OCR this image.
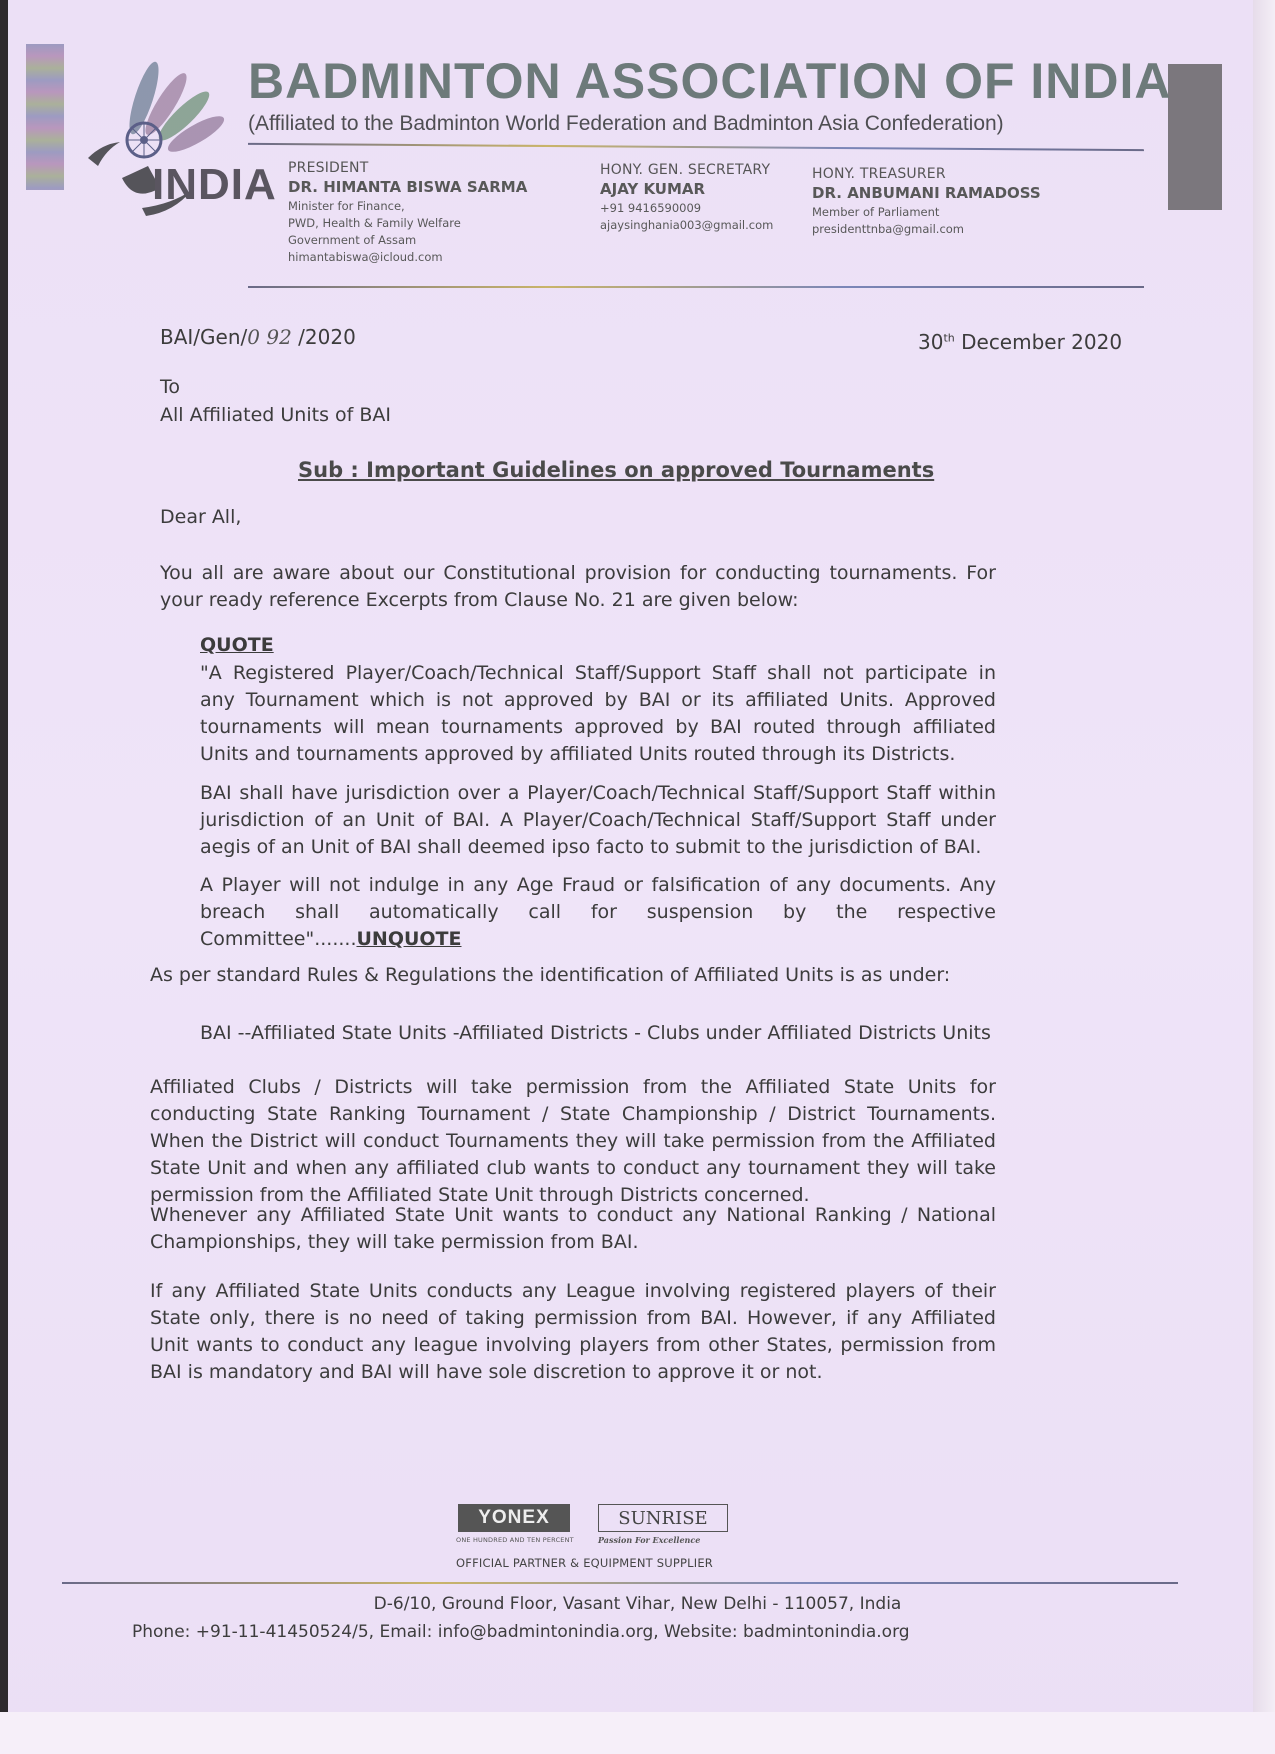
INDIA
BADMINTON ASSOCIATION OF INDIA
(Affiliated to the Badminton World Federation and Badminton Asia Confederation)
PRESIDENT
DR. HIMANTA BISWA SARMA
Minister for Finance,
PWD, Health & Family Welfare
Government of Assam
himantabiswa@icloud.com
HONY. GEN. SECRETARY
AJAY KUMAR
+91 9416590009
ajaysinghania003@gmail.com
HONY. TREASURER
DR. ANBUMANI RAMADOSS
Member of Parliament
presidenttnba@gmail.com
BAI/Gen/0 92 /2020	30th December 2020
To
All Affiliated Units of BAI
Sub : Important Guidelines on approved Tournaments
Dear All,
You all are aware about our Constitutional provision for conducting tournaments. For your ready reference Excerpts from Clause No. 21 are given below:
QUOTE
"A Registered Player/Coach/Technical Staff/Support Staff shall not participate in any Tournament which is not approved by BAI or its affiliated Units. Approved tournaments will mean tournaments approved by BAI routed through affiliated Units and tournaments approved by affiliated Units routed through its Districts.
BAI shall have jurisdiction over a Player/Coach/Technical Staff/Support Staff within jurisdiction of an Unit of BAI. A Player/Coach/Technical Staff/Support Staff under aegis of an Unit of BAI shall deemed ipso facto to submit to the jurisdiction of BAI.
A Player will not indulge in any Age Fraud or falsification of any documents. Any breach shall automatically call for suspension by the respective Committee".......UNQUOTE
As per standard Rules & Regulations the identification of Affiliated Units is as under:
BAI --Affiliated State Units -Affiliated Districts - Clubs under Affiliated Districts Units
Affiliated Clubs / Districts will take permission from the Affiliated State Units for conducting State Ranking Tournament / State Championship / District Tournaments. When the District will conduct Tournaments they will take permission from the Affiliated State Unit and when any affiliated club wants to conduct any tournament they will take permission from the Affiliated State Unit through Districts concerned.
Whenever any Affiliated State Unit wants to conduct any National Ranking / National Championships, they will take permission from BAI.
If any Affiliated State Units conducts any League involving registered players of their State only, there is no need of taking permission from BAI. However, if any Affiliated Unit wants to conduct any league involving players from other States, permission from BAI is mandatory and BAI will have sole discretion to approve it or not.
YONEX	SUNRISE
ONE HUNDRED AND TEN PERCENT	Passion For Excellence
OFFICIAL PARTNER & EQUIPMENT SUPPLIER
D-6/10, Ground Floor, Vasant Vihar, New Delhi - 110057, India
Phone: +91-11-41450524/5, Email: info@badmintonindia.org, Website: badmintonindia.org
